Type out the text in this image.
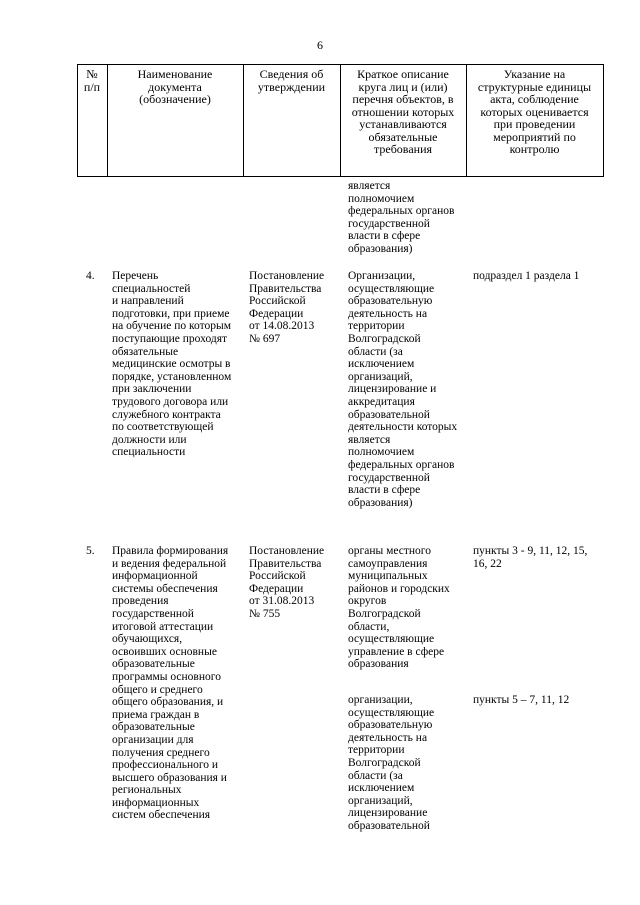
6
№
п/п
Наименование
документа
(обозначение)
Сведения об
утверждении
Краткое описание
круга лиц и (или)
перечня объектов, в
отношении которых
устанавливаются
обязательные
требования
Указание на
структурные единицы
акта, соблюдение
которых оценивается
при проведении
мероприятий по
контролю
является
полномочием
федеральных органов
государственной
власти в сфере
образования)
4. Перечень
специальностей
и направлений
подготовки, при приеме
на обучение по которым
поступающие проходят
обязательные
медицинские осмотры в
порядке, установленном
при заключении
трудового договора или
служебного контракта
по соответствующей
должности или
специальности
Постановление
Правительства
Российской
Федерации
от 14.08.2013
№ 697
Организации,
осуществляющие
образовательную
деятельность на
территории
Волгоградской
области (за
исключением
организаций,
лицензирование и
аккредитация
образовательной
деятельности которых
является
полномочием
федеральных органов
государственной
власти в сфере
образования)
подраздел 1 раздела 1
5. Правила формирования
и ведения федеральной
информационной
системы обеспечения
проведения
государственной
итоговой аттестации
обучающихся,
освоивших основные
образовательные
программы основного
общего и среднего
общего образования, и
приема граждан в
образовательные
организации для
получения среднего
профессионального и
высшего образования и
региональных
информационных
систем обеспечения
Постановление
Правительства
Российской
Федерации
от 31.08.2013
№ 755
органы местного
самоуправления
муниципальных
районов и городских
округов
Волгоградской
области,
осуществляющие
управление в сфере
образования
пункты 3 - 9, 11, 12, 15,
16, 22
организации,
осуществляющие
образовательную
деятельность на
территории
Волгоградской
области (за
исключением
организаций,
лицензирование
образовательной
пункты 5 – 7, 11, 12
